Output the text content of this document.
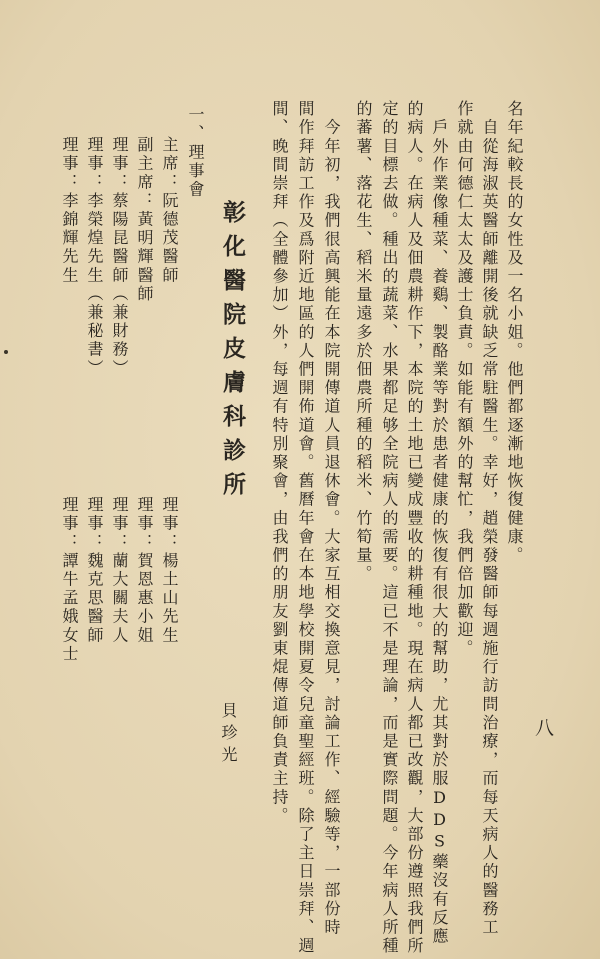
八
名年紀較長的女性及一名小姐。他們都逐漸地恢復健康。
　自從海淑英醫師離開後就缺乏常駐醫生。幸好，趙榮發醫師每週施行訪問治療，而每天病人的醫務工
作就由何德仁太太及護士負責。如能有額外的幫忙，我們倍加歡迎。
　戶外作業像種菜、養鷄、製酪業等對於患者健康的恢復有很大的幫助，尤其對於服DDS藥沒有反應
的病人。在病人及佃農耕作下，本院的土地已變成豐收的耕種地。現在病人都已改觀，大部份遵照我們所
定的目標去做。種出的蔬菜、水果都足够全院病人的需要。這已不是理論，而是實際問題。今年病人所種
的蕃薯、落花生、稻米量遠多於佃農所種的稻米、竹筍量。
　今年初，我們很高興能在本院開傳道人員退休會。大家互相交換意見，討論工作、經驗等，一部份時
間作拜訪工作及爲附近地區的人們開佈道會。舊曆年會在本地學校開夏令兒童聖經班。除了主日崇拜、週
間、晚間崇拜（全體參加）外，每週有特別聚會，由我們的朋友劉東焜傳道師負責主持。
彰化醫院皮膚科診所
貝珍光
一、理事會
主席：阮德茂醫師
副主席：黃明輝醫師
理事：蔡陽昆醫師（兼財務）
理事：李榮煌先生（兼秘書）
理事：李錦輝先生
理事：楊土山先生
理事：賀恩惠小姐
理事：蘭大關夫人
理事：魏克思醫師
理事：譚牛孟娥女士
